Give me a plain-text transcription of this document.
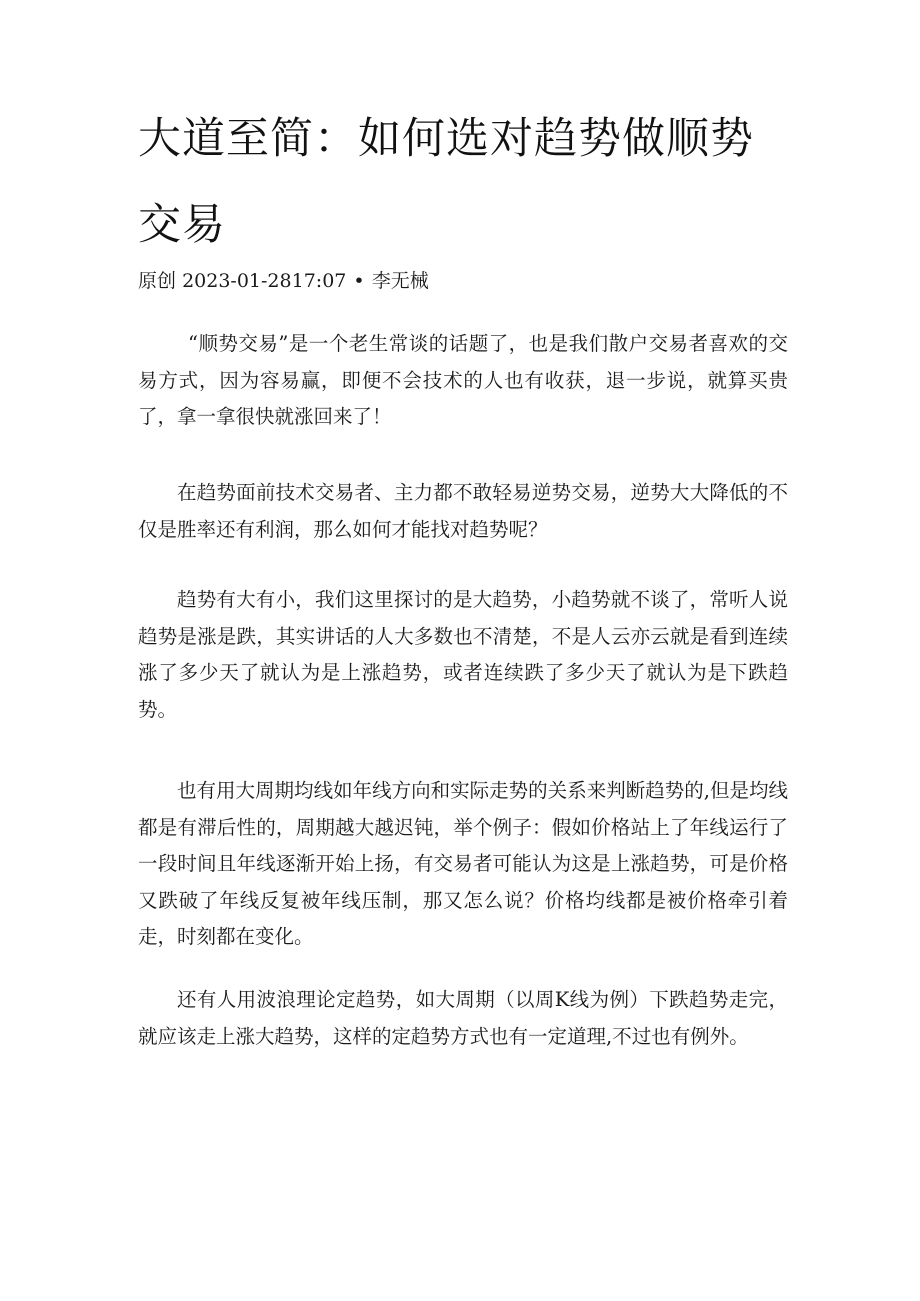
大道至简：如何选对趋势做顺势交易
原创 2023-01-2817:07 • 李无械

“顺势交易”是一个老生常谈的话题了，也是我们散户交易者喜欢的交易方式，因为容易赢，即便不会技术的人也有收获，退一步说，就算买贵了，拿一拿很快就涨回来了！

在趋势面前技术交易者、主力都不敢轻易逆势交易，逆势大大降低的不仅是胜率还有利润，那么如何才能找对趋势呢？

趋势有大有小，我们这里探讨的是大趋势，小趋势就不谈了，常听人说趋势是涨是跌，其实讲话的人大多数也不清楚，不是人云亦云就是看到连续涨了多少天了就认为是上涨趋势，或者连续跌了多少天了就认为是下跌趋势。

也有用大周期均线如年线方向和实际走势的关系来判断趋势的,但是均线都是有滞后性的，周期越大越迟钝，举个例子：假如价格站上了年线运行了一段时间且年线逐渐开始上扬，有交易者可能认为这是上涨趋势，可是价格又跌破了年线反复被年线压制，那又怎么说？价格均线都是被价格牵引着走，时刻都在变化。

还有人用波浪理论定趋势，如大周期（以周K线为例）下跌趋势走完，就应该走上涨大趋势，这样的定趋势方式也有一定道理,不过也有例外。
